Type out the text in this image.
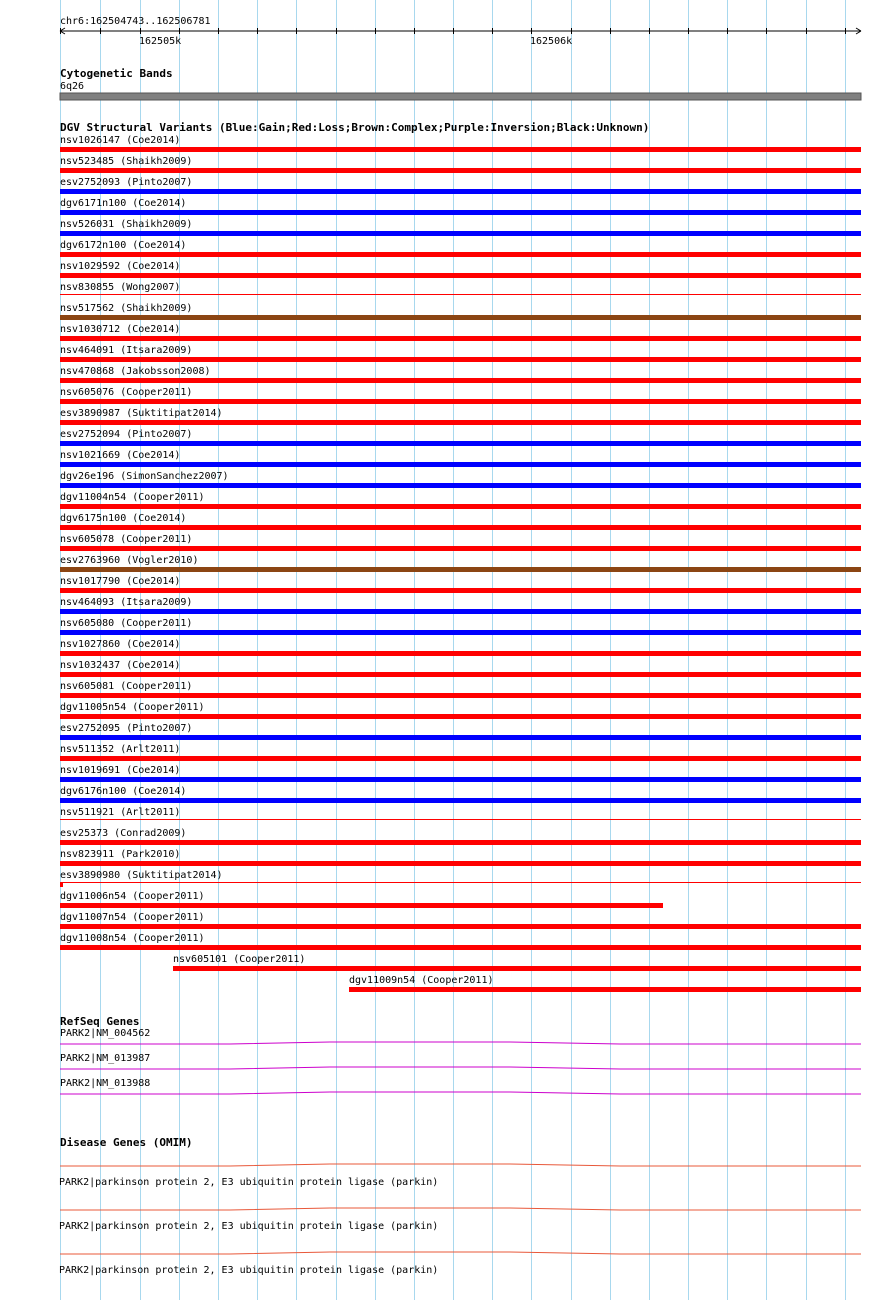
chr6:162504743..162506781
162505k	162506k
Cytogenetic Bands
6q26
DGV Structural Variants (Blue:Gain;Red:Loss;Brown:Complex;Purple:Inversion;Black:Unknown)
nsv1026147 (Coe2014)
nsv523485 (Shaikh2009)
esv2752093 (Pinto2007)
dgv6171n100 (Coe2014)
nsv526031 (Shaikh2009)
dgv6172n100 (Coe2014)
nsv1029592 (Coe2014)
nsv830855 (Wong2007)
nsv517562 (Shaikh2009)
nsv1030712 (Coe2014)
nsv464091 (Itsara2009)
nsv470868 (Jakobsson2008)
nsv605076 (Cooper2011)
esv3890987 (Suktitipat2014)
esv2752094 (Pinto2007)
nsv1021669 (Coe2014)
dgv26e196 (SimonSanchez2007)
dgv11004n54 (Cooper2011)
dgv6175n100 (Coe2014)
nsv605078 (Cooper2011)
esv2763960 (Vogler2010)
nsv1017790 (Coe2014)
nsv464093 (Itsara2009)
nsv605080 (Cooper2011)
nsv1027860 (Coe2014)
nsv1032437 (Coe2014)
nsv605081 (Cooper2011)
dgv11005n54 (Cooper2011)
esv2752095 (Pinto2007)
nsv511352 (Arlt2011)
nsv1019691 (Coe2014)
dgv6176n100 (Coe2014)
nsv511921 (Arlt2011)
esv25373 (Conrad2009)
nsv823911 (Park2010)
esv3890980 (Suktitipat2014)
dgv11006n54 (Cooper2011)
dgv11007n54 (Cooper2011)
dgv11008n54 (Cooper2011)
nsv605101 (Cooper2011)
dgv11009n54 (Cooper2011)
RefSeq Genes
PARK2|NM_004562
PARK2|NM_013987
PARK2|NM_013988
Disease Genes (OMIM)
PARK2|parkinson protein 2, E3 ubiquitin protein ligase (parkin)
PARK2|parkinson protein 2, E3 ubiquitin protein ligase (parkin)
PARK2|parkinson protein 2, E3 ubiquitin protein ligase (parkin)
